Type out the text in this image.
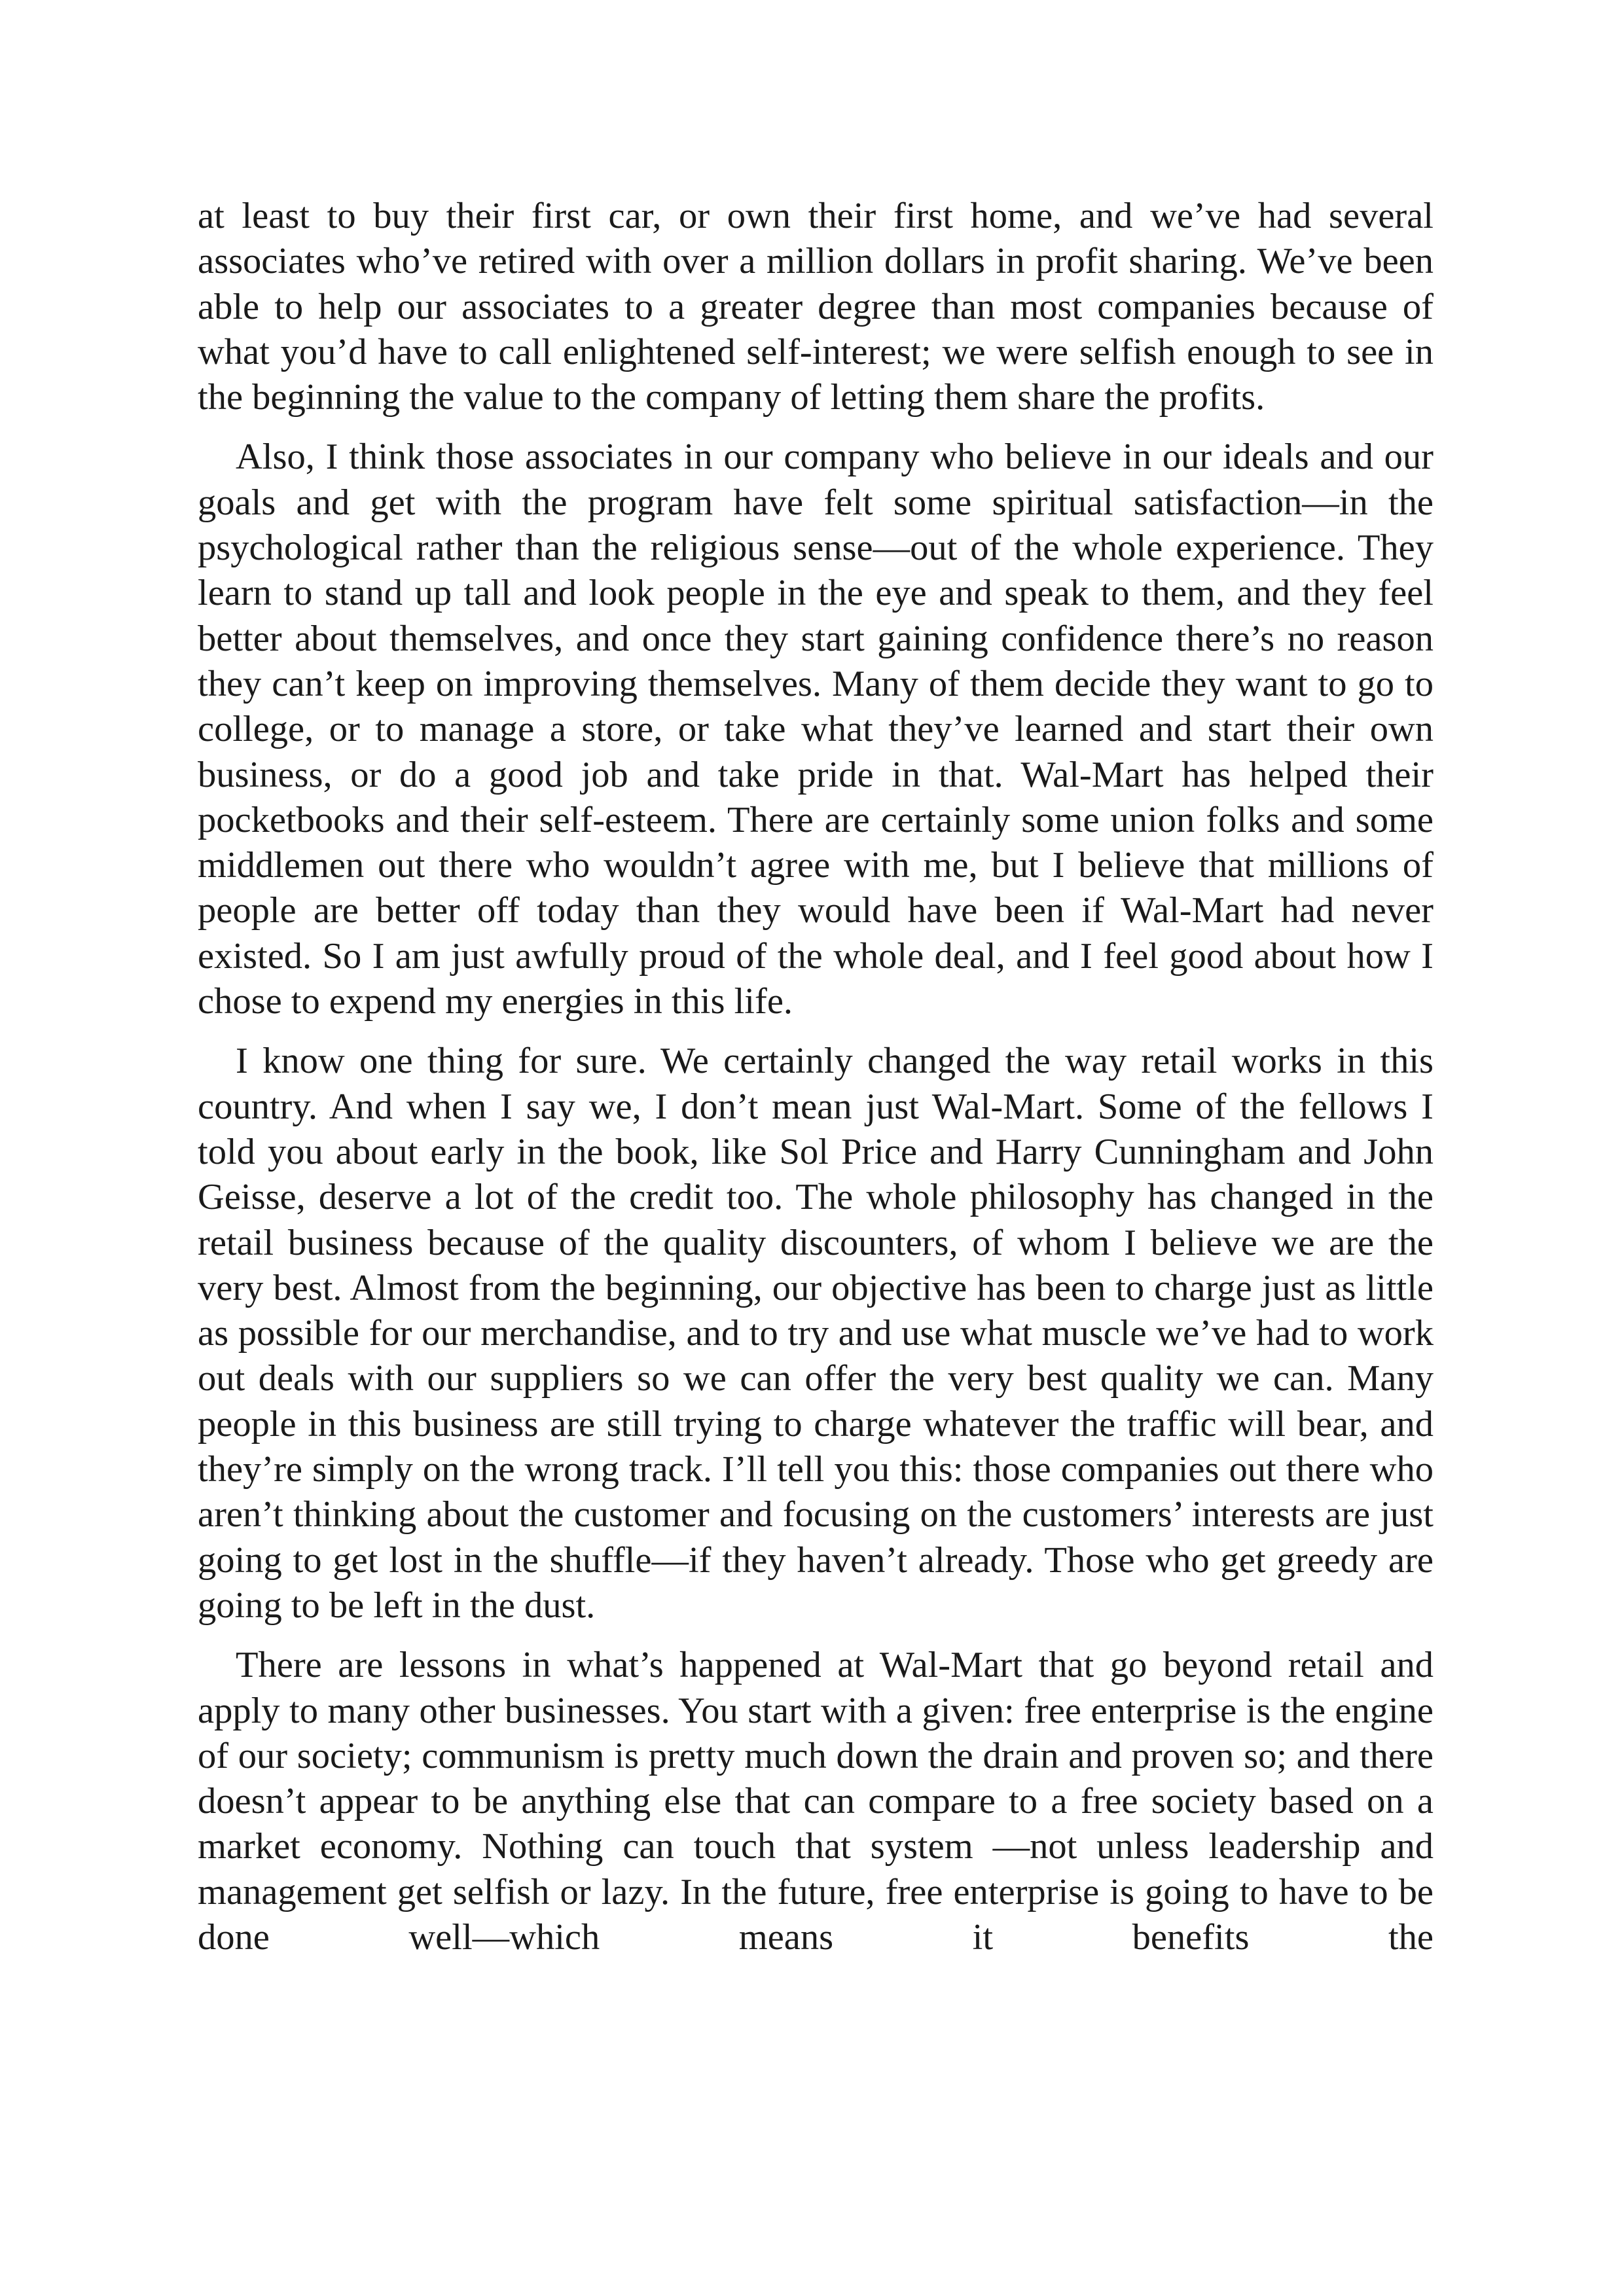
at least to buy their first car, or own their first home, and we’ve had several associates who’ve retired with over a million dollars in profit sharing. We’ve been able to help our associates to a greater degree than most companies because of what you’d have to call enlightened self-interest; we were selfish enough to see in the beginning the value to the company of letting them share the profits.

Also, I think those associates in our company who believe in our ideals and our goals and get with the program have felt some spiritual satisfaction—in the psychological rather than the religious sense—out of the whole experience. They learn to stand up tall and look people in the eye and speak to them, and they feel better about themselves, and once they start gaining confidence there’s no reason they can’t keep on improving themselves. Many of them decide they want to go to college, or to manage a store, or take what they’ve learned and start their own business, or do a good job and take pride in that. Wal-Mart has helped their pocketbooks and their self-esteem. There are certainly some union folks and some middlemen out there who wouldn’t agree with me, but I believe that millions of people are better off today than they would have been if Wal-Mart had never existed. So I am just awfully proud of the whole deal, and I feel good about how I chose to expend my energies in this life.

I know one thing for sure. We certainly changed the way retail works in this country. And when I say we, I don’t mean just Wal-Mart. Some of the fellows I told you about early in the book, like Sol Price and Harry Cunningham and John Geisse, deserve a lot of the credit too. The whole philosophy has changed in the retail business because of the quality discounters, of whom I believe we are the very best. Almost from the beginning, our objective has been to charge just as little as possible for our merchandise, and to try and use what muscle we’ve had to work out deals with our suppliers so we can offer the very best quality we can. Many people in this business are still trying to charge whatever the traffic will bear, and they’re simply on the wrong track. I’ll tell you this: those companies out there who aren’t thinking about the customer and focusing on the customers’ interests are just going to get lost in the shuffle—if they haven’t already. Those who get greedy are going to be left in the dust.

There are lessons in what’s happened at Wal-Mart that go beyond retail and apply to many other businesses. You start with a given: free enterprise is the engine of our society; communism is pretty much down the drain and proven so; and there doesn’t appear to be anything else that can compare to a free society based on a market economy. Nothing can touch that system —not unless leadership and management get selfish or lazy. In the future, free enterprise is going to have to be done well—which means it benefits the
